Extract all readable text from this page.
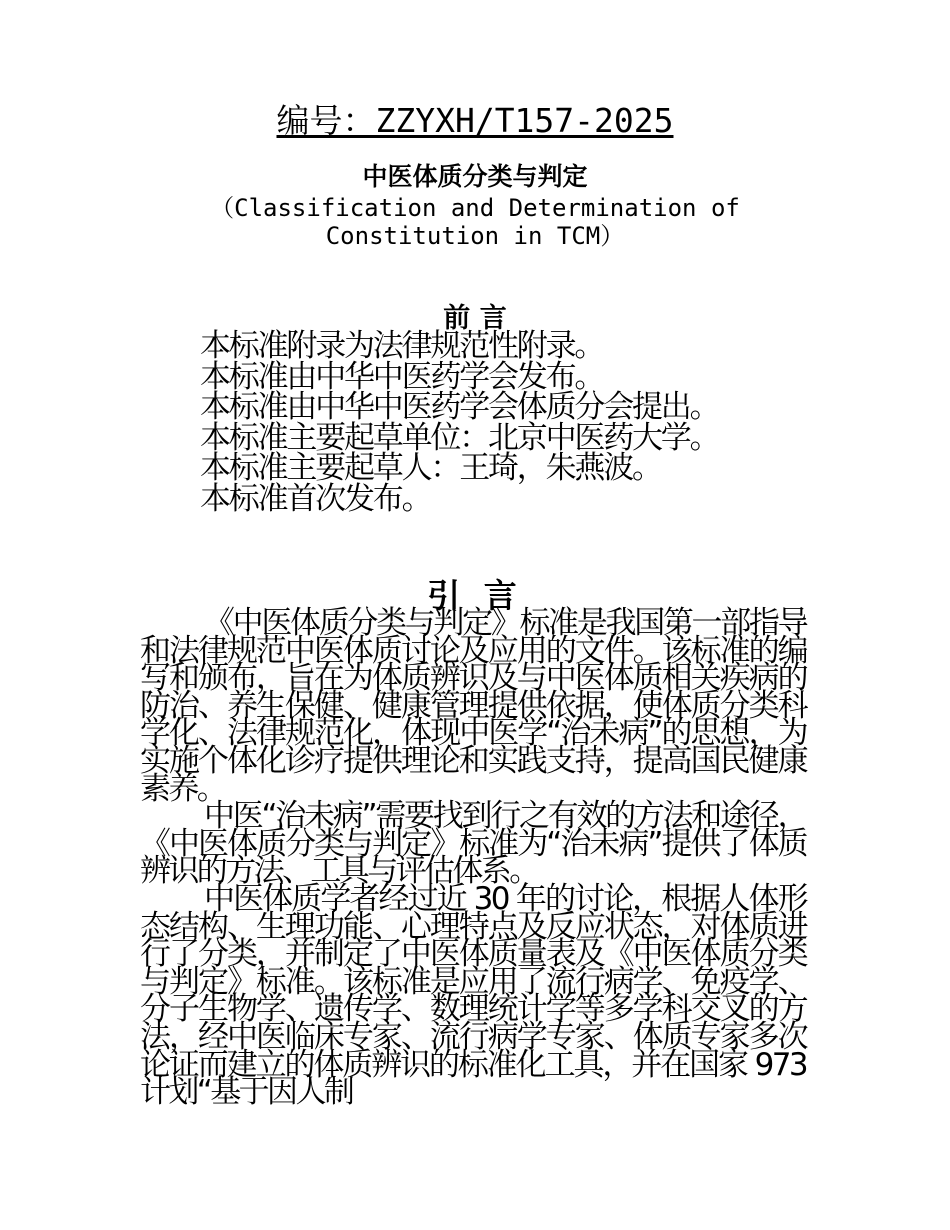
编号：ZZYXH/T157-2025
中医体质分类与判定
（Classification and Determination of Constitution in TCM）
前 言
本标准附录为法律规范性附录。
本标准由中华中医药学会发布。
本标准由中华中医药学会体质分会提出。
本标准主要起草单位：北京中医药大学。
本标准主要起草人：王琦，朱燕波。
本标准首次发布。
引 言

《中医体质分类与判定》标准是我国第一部指导和法律规范中医体质讨论及应用的文件。该标准的编写和颁布，旨在为体质辨识及与中医体质相关疾病的防治、养生保健、健康管理提供依据，使体质分类科学化、法律规范化，体现中医学“治未病”的思想，为实施个体化诊疗提供理论和实践支持，提高国民健康素养。

中医“治未病”需要找到行之有效的方法和途径，《中医体质分类与判定》标准为“治未病”提供了体质辨识的方法、工具与评估体系。

中医体质学者经过近 30 年的讨论，根据人体形态结构、生理功能、心理特点及反应状态，对体质进行了分类，并制定了中医体质量表及《中医体质分类与判定》标准。该标准是应用了流行病学、免疫学、分子生物学、遗传学、数理统计学等多学科交叉的方法，经中医临床专家、流行病学专家、体质专家多次论证而建立的体质辨识的标准化工具，并在国家 973 计划“基于因人制
